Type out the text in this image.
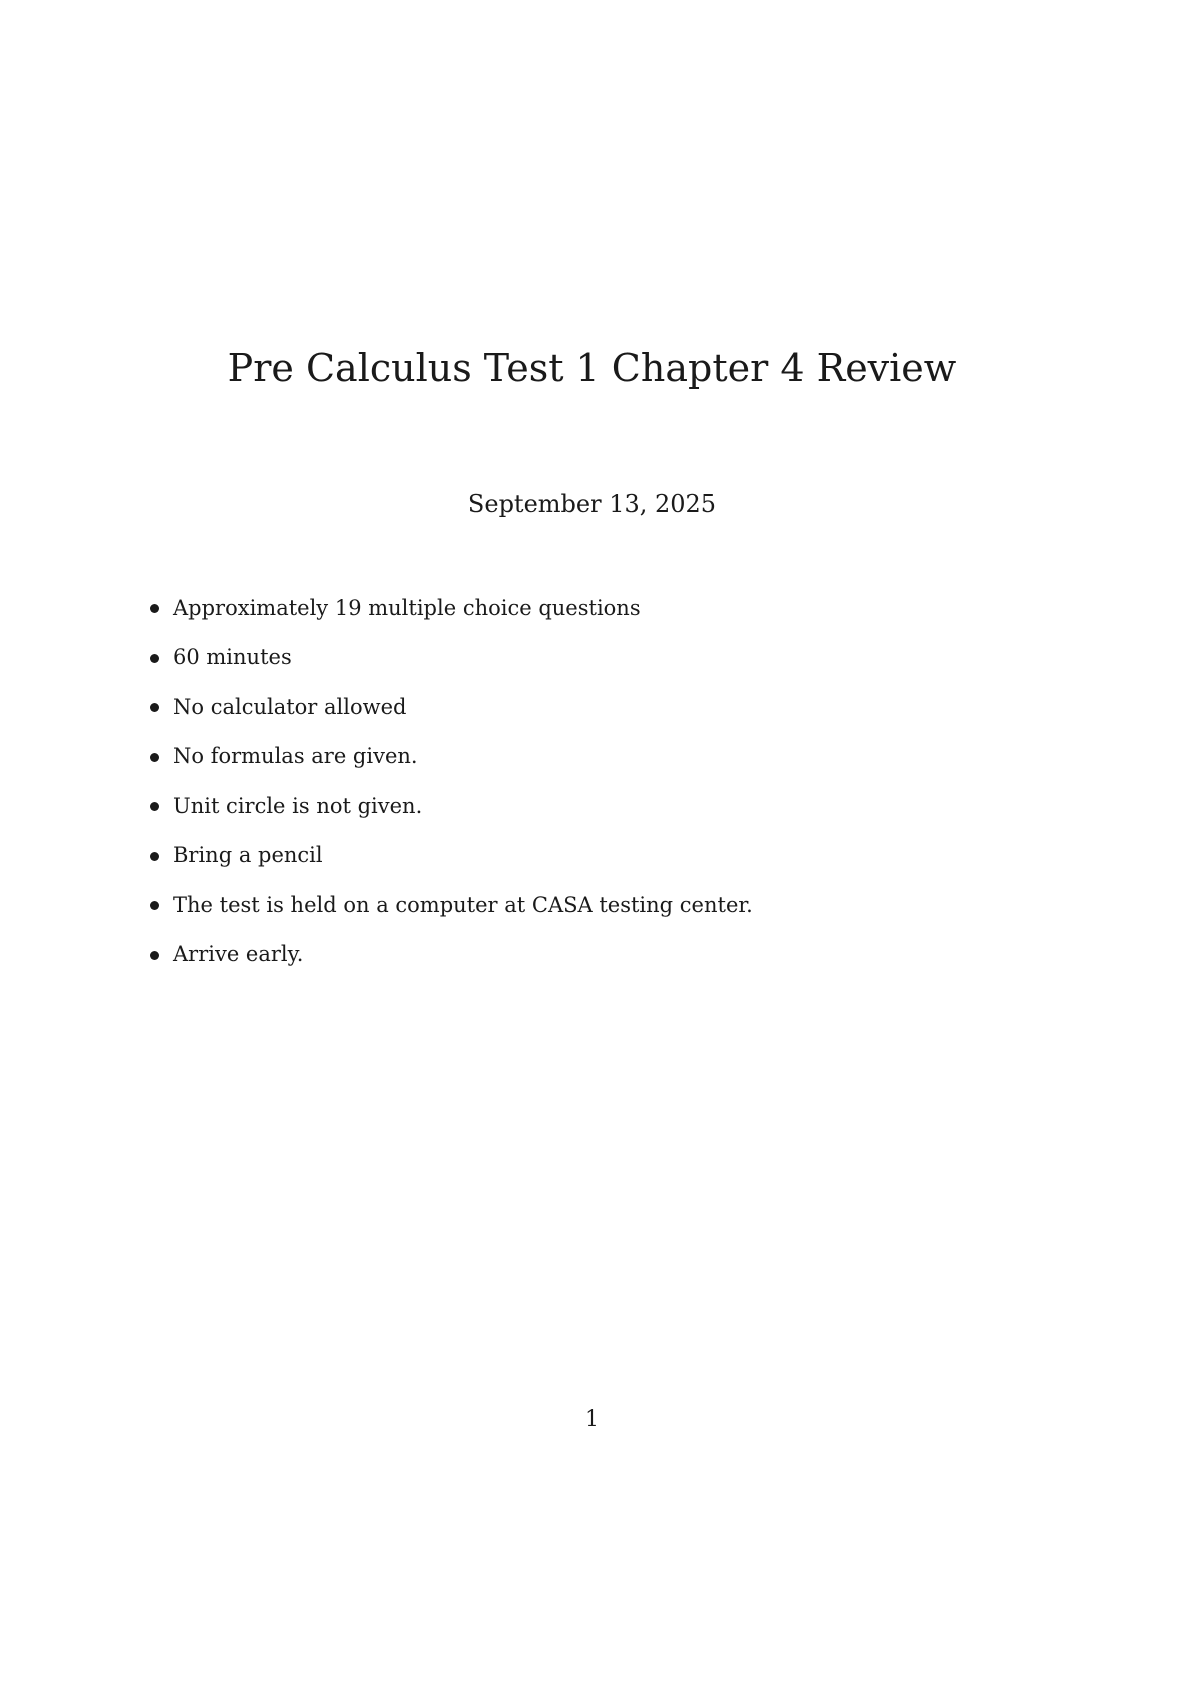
Pre Calculus Test 1 Chapter 4 Review

September 13, 2025

Approximately 19 multiple choice questions
60 minutes
No calculator allowed
No formulas are given.
Unit circle is not given.
Bring a pencil
The test is held on a computer at CASA testing center.
Arrive early.

1
